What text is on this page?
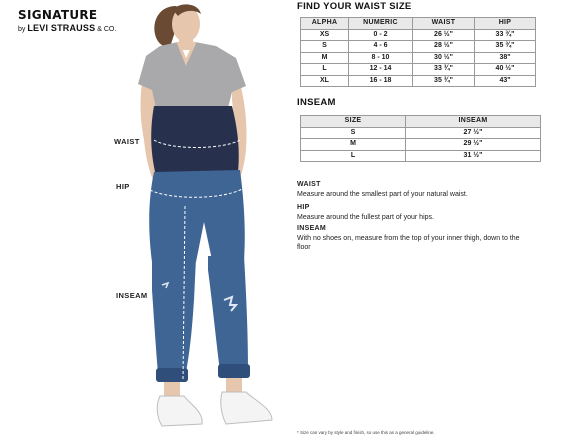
SIGNATURE
by LEVI STRAUSS & CO.
WAIST
HIP
INSEAM
FIND YOUR WAIST SIZE
ALPHA	NUMERIC	WAIST	HIP
XS	0 - 2	26 ½"	33 ¾"
S	4 - 6	28 ½"	35 ¾"
M	8 - 10	30 ½"	38"
L	12 - 14	33 ¾"	40 ½"
XL	16 - 18	35 ¾"	43"
INSEAM
SIZE	INSEAM
S	27 ½"
M	29 ½"
L	31 ½"
WAIST
Measure around the smallest part of your natural waist.
HIP
Measure around the fullest part of your hips.
INSEAM
With no shoes on, measure from the top of your inner thigh, down to the floor
* Size can vary by style and finish, so use this as a general guideline.
